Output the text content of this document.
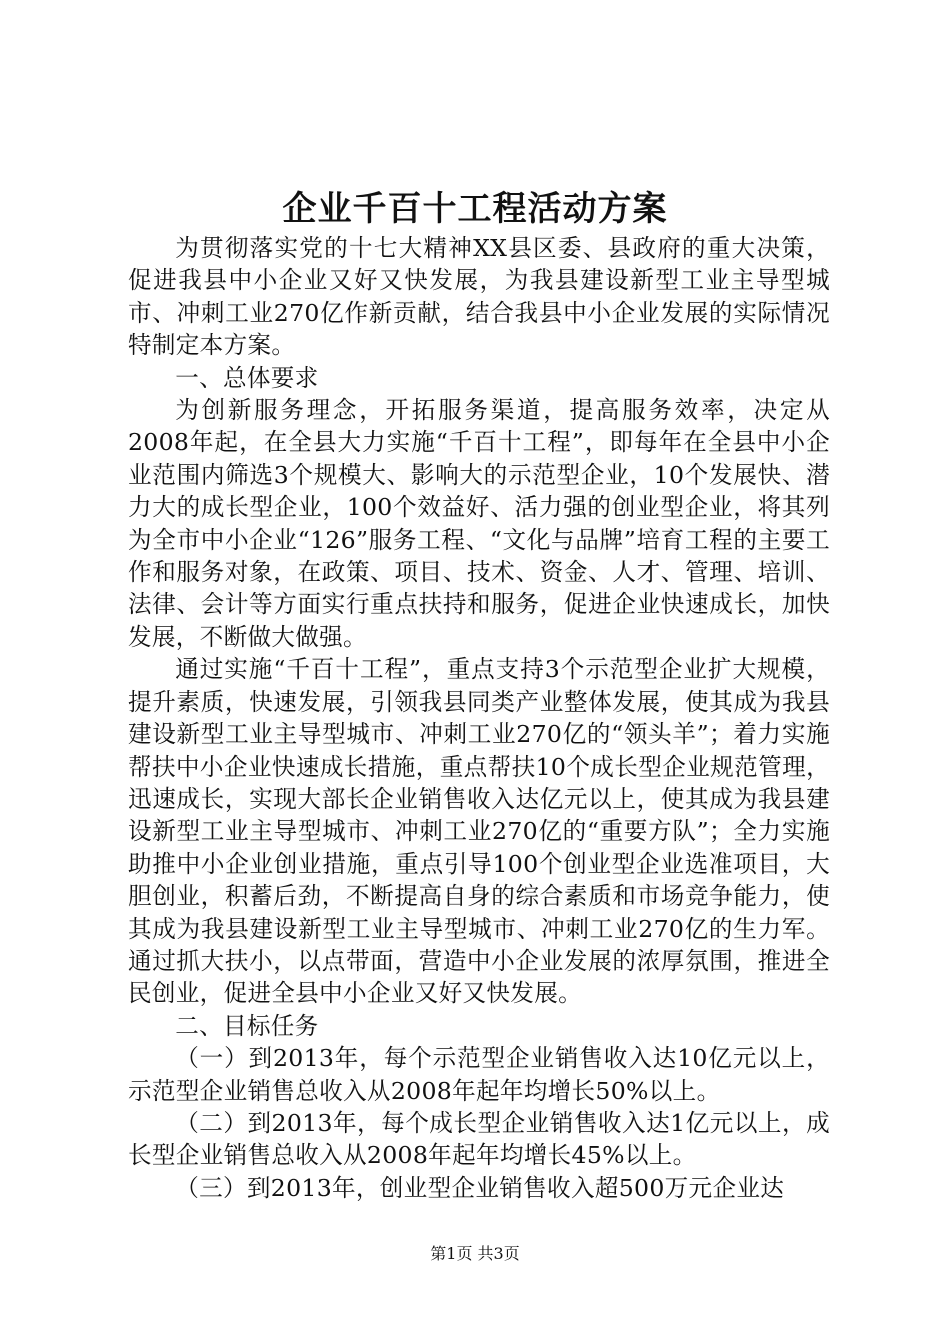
企业千百十工程活动方案

为贯彻落实党的十七大精神XX县区委、县政府的重大决策，促进我县中小企业又好又快发展，为我县建设新型工业主导型城市、冲刺工业270亿作新贡献，结合我县中小企业发展的实际情况特制定本方案。

一、总体要求

为创新服务理念，开拓服务渠道，提高服务效率，决定从2008年起，在全县大力实施“千百十工程”，即每年在全县中小企业范围内筛选3个规模大、影响大的示范型企业，10个发展快、潜力大的成长型企业，100个效益好、活力强的创业型企业，将其列为全市中小企业“126”服务工程、“文化与品牌”培育工程的主要工作和服务对象，在政策、项目、技术、资金、人才、管理、培训、法律、会计等方面实行重点扶持和服务，促进企业快速成长，加快发展，不断做大做强。

通过实施“千百十工程”，重点支持3个示范型企业扩大规模，提升素质，快速发展，引领我县同类产业整体发展，使其成为我县建设新型工业主导型城市、冲刺工业270亿的“领头羊”；着力实施帮扶中小企业快速成长措施，重点帮扶10个成长型企业规范管理，迅速成长，实现大部长企业销售收入达亿元以上，使其成为我县建设新型工业主导型城市、冲刺工业270亿的“重要方队”；全力实施助推中小企业创业措施，重点引导100个创业型企业选准项目，大胆创业，积蓄后劲，不断提高自身的综合素质和市场竞争能力，使其成为我县建设新型工业主导型城市、冲刺工业270亿的生力军。通过抓大扶小，以点带面，营造中小企业发展的浓厚氛围，推进全民创业，促进全县中小企业又好又快发展。

二、目标任务

（一）到2013年，每个示范型企业销售收入达10亿元以上，示范型企业销售总收入从2008年起年均增长50%以上。

（二）到2013年，每个成长型企业销售收入达1亿元以上，成长型企业销售总收入从2008年起年均增长45%以上。

（三）到2013年，创业型企业销售收入超500万元企业达

第1页 共3页
